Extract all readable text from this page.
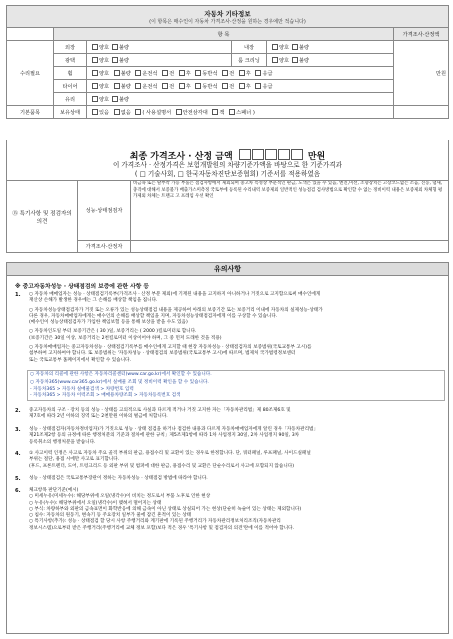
자동차 기타정보
(이 항목은 매수인이 자동차 가격조사·산정을 원하는 경우에만 적습니다)					

	항 목				가격조사·산정액
수리필요	외장	양호 불량	내장	양호 불량	만원
	광택	양호 불량	룸 크리닝	양호 불량	
	휠	양호 불량 운전석 전 후 동반석 전 후 응급			
	타이어	양호 불량 운전석 전 후 동반석 전 후 응급			
	유리	양호 불량			
기본품목	보유상태	있음 없음 ( 사용설명서 안전삼각대 잭 스패너 )			
최종 가격조사 · 산정 금액	만원
이 가격조사 · 산정가격은 보험개발원의 차량기준가액을 바탕으로 한 기준가격과
( □ 기술사회, □ 한국자동차진단보증협회) 기준서를 적용하였음
⑮ 특기사항 및 점검자의 의견	성능·상태점검자	비금속 또는 탈부착 가능 부품은 점검사항에서 제외되며 중고차 특성상 부분적인 판금, 도색은 있을 수 있음, 엔진,미션, 조향장치는 고장코드없는 소음, 진동, 냄새, 충격에 대해서 보증불가 배출가스미측정 국토부에 등록된 수리내역 보증제외 일반적인 성능점검 검사방법으로 확인할 수 없는 정비이력 내용은 보증제외 차체형 평가제외 차체는 트랜크 고 프레임 우선 확인
	가격조사·산정자	
유의사항
※ 중고자동차성능 · 상태점검의 보증에 관한 사항 등
1. ○ 자동차 매매업자는 성능 · 상태점검기록부(가격조사 · 산정 부분 제외)에 기재된 내용을 고지하지 아니하거나 거짓으로 고지함으로써 매수인에게
재산상 손해가 발생한 경우에는 그 손해를 배상할 책임을 집니다.
○ 자동차성능상태점검자가 거짓 또는 오류가 있는 성능상태점검 내용을 제공하여 아래의 보증기간 또는 보증거리 이내에 자동차의 실제성능·상태가
다른 경우, 자동차매매업자에게는 매수인의 손해를 배상할 책임을 지며, 자동차성능상태점검자에게 이를 구상할 수 있습니다.
(매수인이 성능상태점검자가 가입한 책임보험 등을 통해 보상을 받을 수도 있음)
○ 자동차인도일 부터 보증기간은 ( 30 )일, 보증거리는 ( 2000 )킬로미터로 합니다.
(보증기간은 30일 이상, 보증거리는 2천킬로미터 이상이어야 하며, 그 중 먼저 도래한 것을 적용)
○ 자동차매매업자는 중고자동차성능 · 상태점검기록부를 매수인에게 고지할 때 현장 자동차성능 · 상태점검자의 보증범위(국토교통부 고시)를
첨부하여 고지하여야 합니다. 또 보증범위는 '자동차성능 · 상태점검의 보증범위(국토교통부 고시)에 따르며, 법제처 국가법령정보센터
또는 국토교통부 홈페이지에서 확인할 수 있습니다.
○ 자동차의 리콜에 관한 사항은 자동차리콜센터(www.car.go.kr)에서 확인할 수 있습니다.
○ 자동차365(www.car365.go.kr)에서 실매물 조회 및 정비이력 확인을 할 수 있습니다.
- 자동차365 > 자동차 실매물검색 > 차량번호 입력
- 자동차365 > 자동차 이력조회 > 매매용차량조회 > 자동차등록번호 검색
2. 중고자동차의 구조 · 장치 등의 성능 · 상태를 고의적으로 사실과 다르게 적거나 거짓 고지한 자는「자동차관리법」제 80조제6호 및
제7호에 따라 2년 이하의 징역 또는 2천만원 이하의 벌금에 처합니다.
3. 성능 · 상태점검자(자동차정비업자)가 거짓으로 성능 · 상태 점검을 하거나 점검한 내용과 다르게 자동차매매업자에게 알린 경우「자동차관리법」
제21조제2항 등의 규정에 따른 행정처분의 기준과 절차에 관한 규칙」제5조제1항에 따라 1차 사업정지 30일, 2차 사업정지 90일, 3차
등록취소의 행정처분을 받습니다.
4. ① 사고이력 인정은 사고로 자동차 주요 골격 부위의 판금, 용접수리 및 교환이 있는 경우로 한정합니다. 단, 쿼터패널, 루프패널, 사이드실패널
부위는 절단, 용접 시에만 사고로 표기합니다.
(후드, 프론트펜더, 도어, 트렁크리드 등 외판 부위 및 범퍼에 대한 판금, 용접수리 및 교환은 단순수리로서 사고에 포함되지 않습니다)
5. 성능 · 상태점검은 국토교통부장관이 정하는 자동차성능 · 상태점검 방법에 따라야 합니다.
6. 체크항목 판단기준(예시)
○ 미세누유(미세누수): 해당부위에 오일(냉각수)이 비치는 정도로서 부품 노후로 인한 현상
○ 누유(누수): 해당부위에서 오일(냉각수)이 맺혀서 떨어지는 상태
○ 부식: 차량하부와 외판의 금속표면이 화학반응에 의해 금속이 아닌 상태로 상실되어 가는 현상(단순히 녹슬어 있는 상태는 제외합니다)
○ 침수: 자동차의 원동기, 변속기 등 주요장치 일부가 물에 잠긴 흔적이 있는 상태
○ 특기사항(추가): 성능 · 상태점검 할 당시 사항 주행거리와 계기판에 기록된 주행거리가 자동차관리정보처리조직(자동차관리
정보시스템)으로부터 받은 주행거리(주행거리에 교체 정보 포함)보다 적은 경우 '특기사항 및 점검자의 의견'란에 이를 적어야 합니다.
